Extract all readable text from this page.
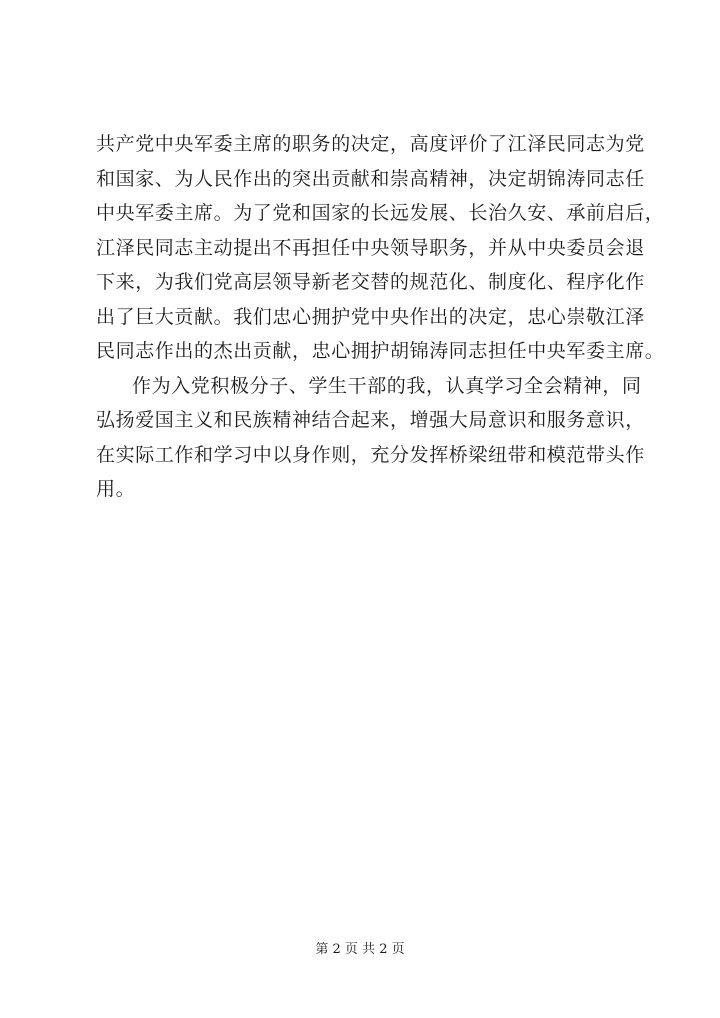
共产党中央军委主席的职务的决定，高度评价了江泽民同志为党
和国家、为人民作出的突出贡献和崇高精神，决定胡锦涛同志任
中央军委主席。为了党和国家的长远发展、长治久安、承前启后，
江泽民同志主动提出不再担任中央领导职务，并从中央委员会退
下来，为我们党高层领导新老交替的规范化、制度化、程序化作
出了巨大贡献。我们忠心拥护党中央作出的决定，忠心崇敬江泽
民同志作出的杰出贡献，忠心拥护胡锦涛同志担任中央军委主席。
作为入党积极分子、学生干部的我，认真学习全会精神，同
弘扬爱国主义和民族精神结合起来，增强大局意识和服务意识，
在实际工作和学习中以身作则，充分发挥桥梁纽带和模范带头作
用。
第 2 页 共 2 页
